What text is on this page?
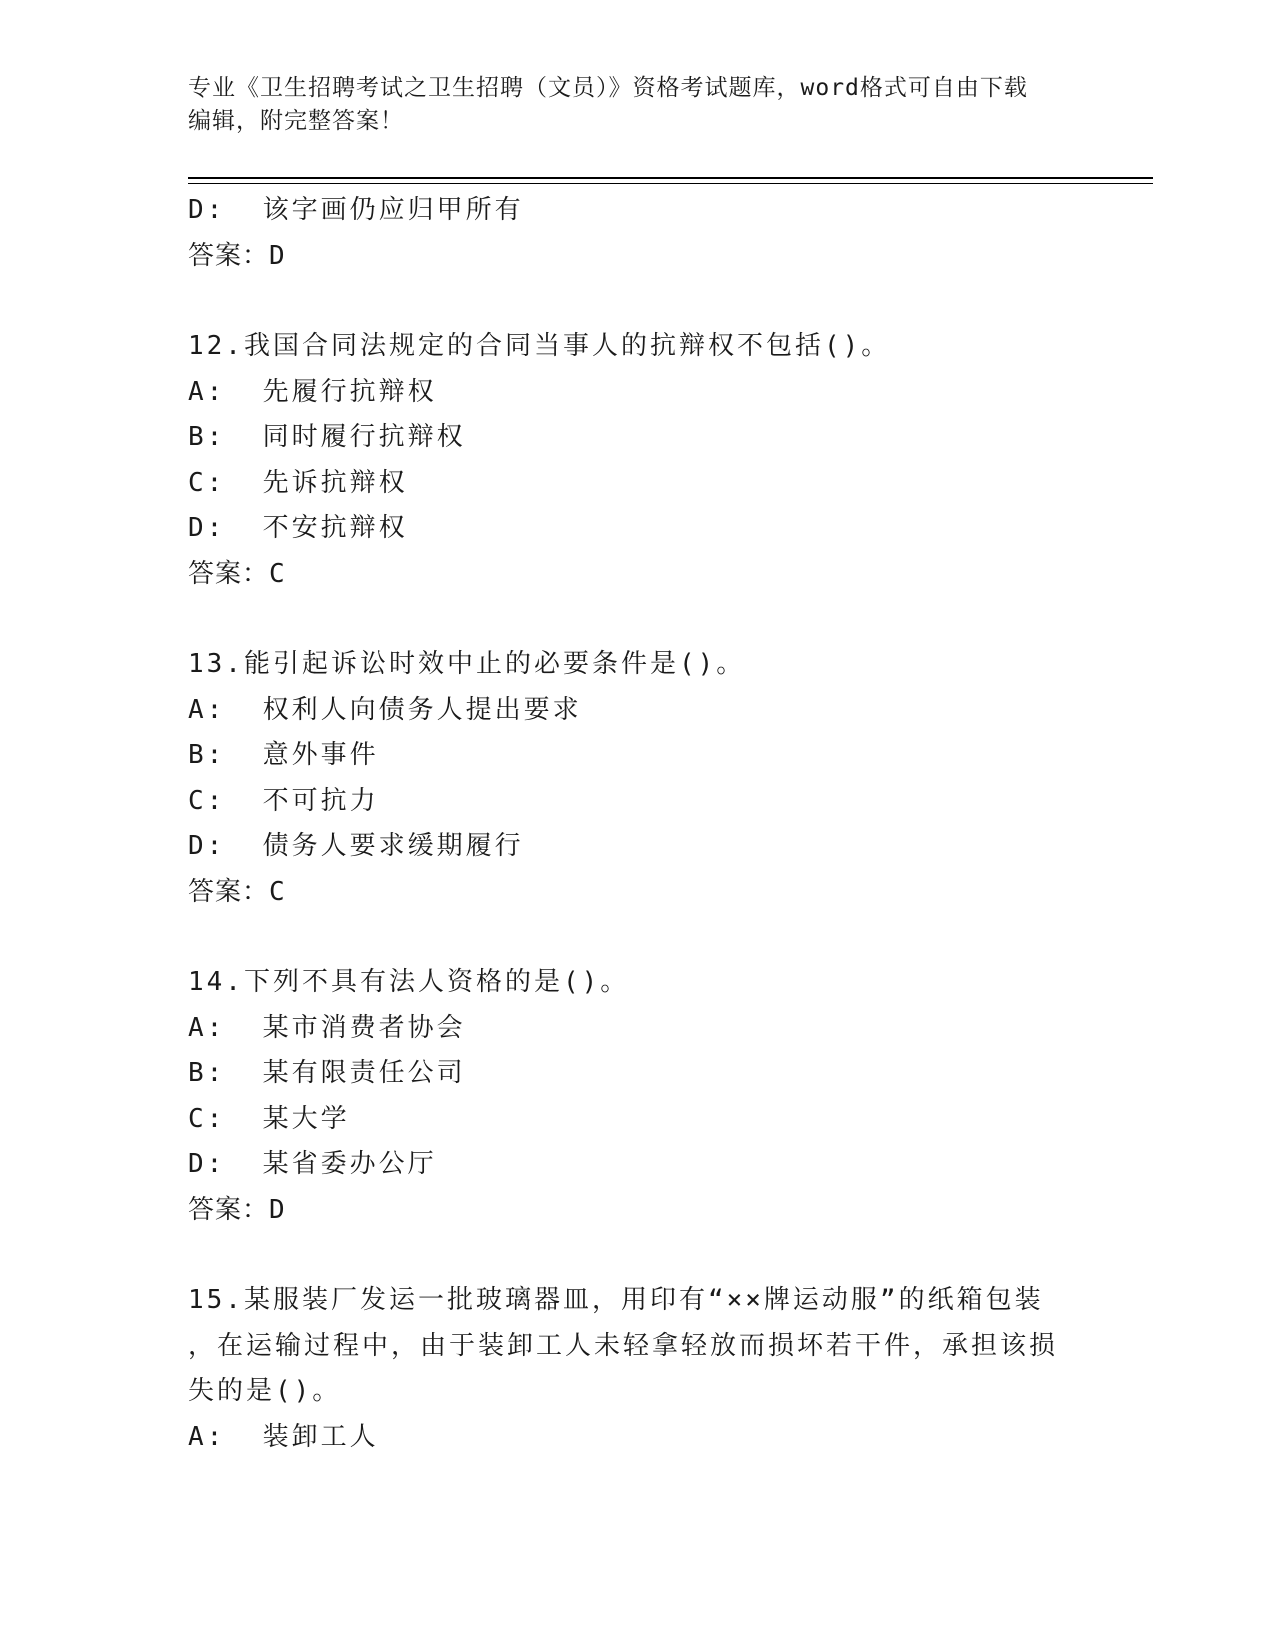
专业《卫生招聘考试之卫生招聘（文员）》资格考试题库，word格式可自由下载
编辑，附完整答案！
D:  该字画仍应归甲所有
答案：D
12.我国合同法规定的合同当事人的抗辩权不包括()。
A:  先履行抗辩权
B:  同时履行抗辩权
C:  先诉抗辩权
D:  不安抗辩权
答案：C
13.能引起诉讼时效中止的必要条件是()。
A:  权利人向债务人提出要求
B:  意外事件
C:  不可抗力
D:  债务人要求缓期履行
答案：C
14.下列不具有法人资格的是()。
A:  某市消费者协会
B:  某有限责任公司
C:  某大学
D:  某省委办公厅
答案：D
15.某服装厂发运一批玻璃器皿，用印有“××牌运动服”的纸箱包装
，在运输过程中，由于装卸工人未轻拿轻放而损坏若干件，承担该损
失的是()。
A:  装卸工人
